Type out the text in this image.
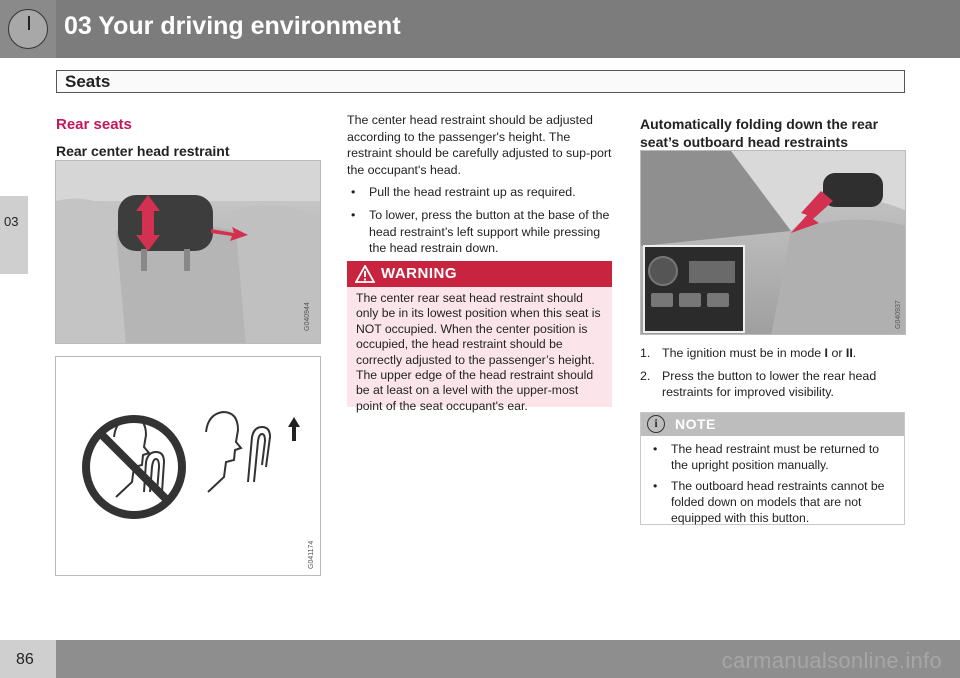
03 Your driving environment
Seats
03
Rear seats
Rear center head restraint
G040944
G041174

The center head restraint should be adjusted according to the passenger's height. The restraint should be carefully adjusted to sup-port the occupant's head.

• Pull the head restraint up as required.
• To lower, press the button at the base of the head restraint’s left support while pressing the head restrain down.
WARNING
The center rear seat head restraint should only be in its lowest position when this seat is NOT occupied. When the center position is occupied, the head restraint should be correctly adjusted to the passenger’s height. The upper edge of the head restraint should be at least on a level with the upper-most point of the seat occupant's ear.
Automatically folding down the rear seat’s outboard head restraints
G040937
1. The ignition must be in mode I or II.
2. Press the button to lower the rear head restraints for improved visibility.
i	NOTE
• The head restraint must be returned to the upright position manually.
• The outboard head restraints cannot be folded down on models that are not equipped with this button.
86	carmanualsonline.info
